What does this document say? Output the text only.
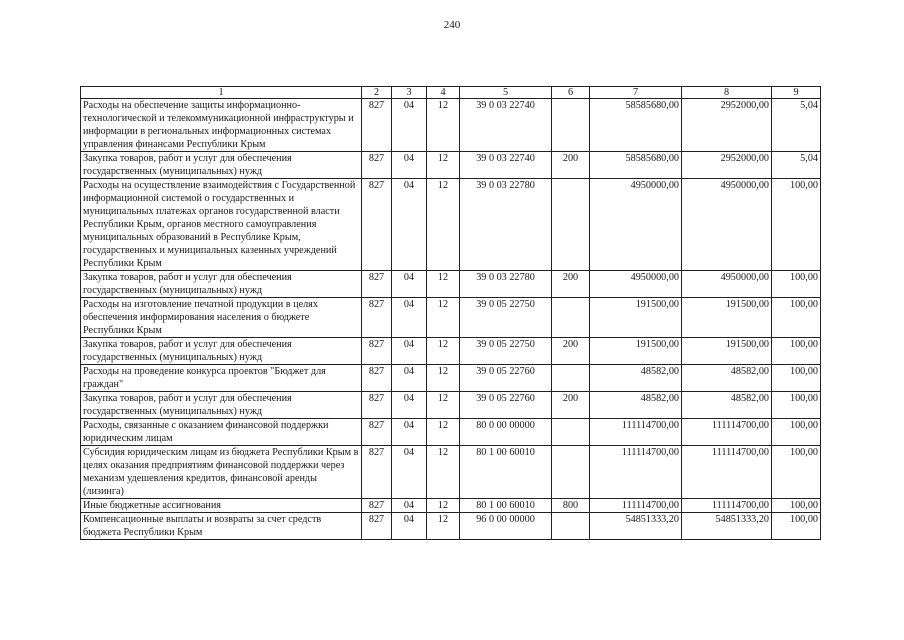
240
1	2	3	4	5	6	7	8	9
Расходы на обеспечение защиты информационно-технологической и телекоммуникационной инфраструктуры и информации в региональных информационных системах управления финансами Республики Крым	827	04	12	39 0 03 22740		58585680,00	2952000,00	5,04
Закупка товаров, работ и услуг для обеспечения государственных (муниципальных) нужд	827	04	12	39 0 03 22740	200	58585680,00	2952000,00	5,04
Расходы на осуществление взаимодействия с Государственной информационной системой о государственных и муниципальных платежах органов государственной власти Республики Крым, органов местного самоуправления муниципальных образований в Республике Крым, государственных и муниципальных казенных учреждений Республики Крым	827	04	12	39 0 03 22780		4950000,00	4950000,00	100,00
Закупка товаров, работ и услуг для обеспечения государственных (муниципальных) нужд	827	04	12	39 0 03 22780	200	4950000,00	4950000,00	100,00
Расходы на изготовление печатной продукции в целях обеспечения информирования населения о бюджете Республики Крым	827	04	12	39 0 05 22750		191500,00	191500,00	100,00
Закупка товаров, работ и услуг для обеспечения государственных (муниципальных) нужд	827	04	12	39 0 05 22750	200	191500,00	191500,00	100,00
Расходы на проведение конкурса проектов "Бюджет для граждан"	827	04	12	39 0 05 22760		48582,00	48582,00	100,00
Закупка товаров, работ и услуг для обеспечения государственных (муниципальных) нужд	827	04	12	39 0 05 22760	200	48582,00	48582,00	100,00
Расходы, связанные с оказанием финансовой поддержки юридическим лицам	827	04	12	80 0 00 00000		111114700,00	111114700,00	100,00
Субсидия юридическим лицам из бюджета Республики Крым в целях оказания предприятиям финансовой поддержки через механизм удешевления кредитов, финансовой аренды (лизинга)	827	04	12	80 1 00 60010		111114700,00	111114700,00	100,00
Иные бюджетные ассигнования	827	04	12	80 1 00 60010	800	111114700,00	111114700,00	100,00
Компенсационные выплаты и возвраты за счет средств бюджета Республики Крым	827	04	12	96 0 00 00000		54851333,20	54851333,20	100,00
